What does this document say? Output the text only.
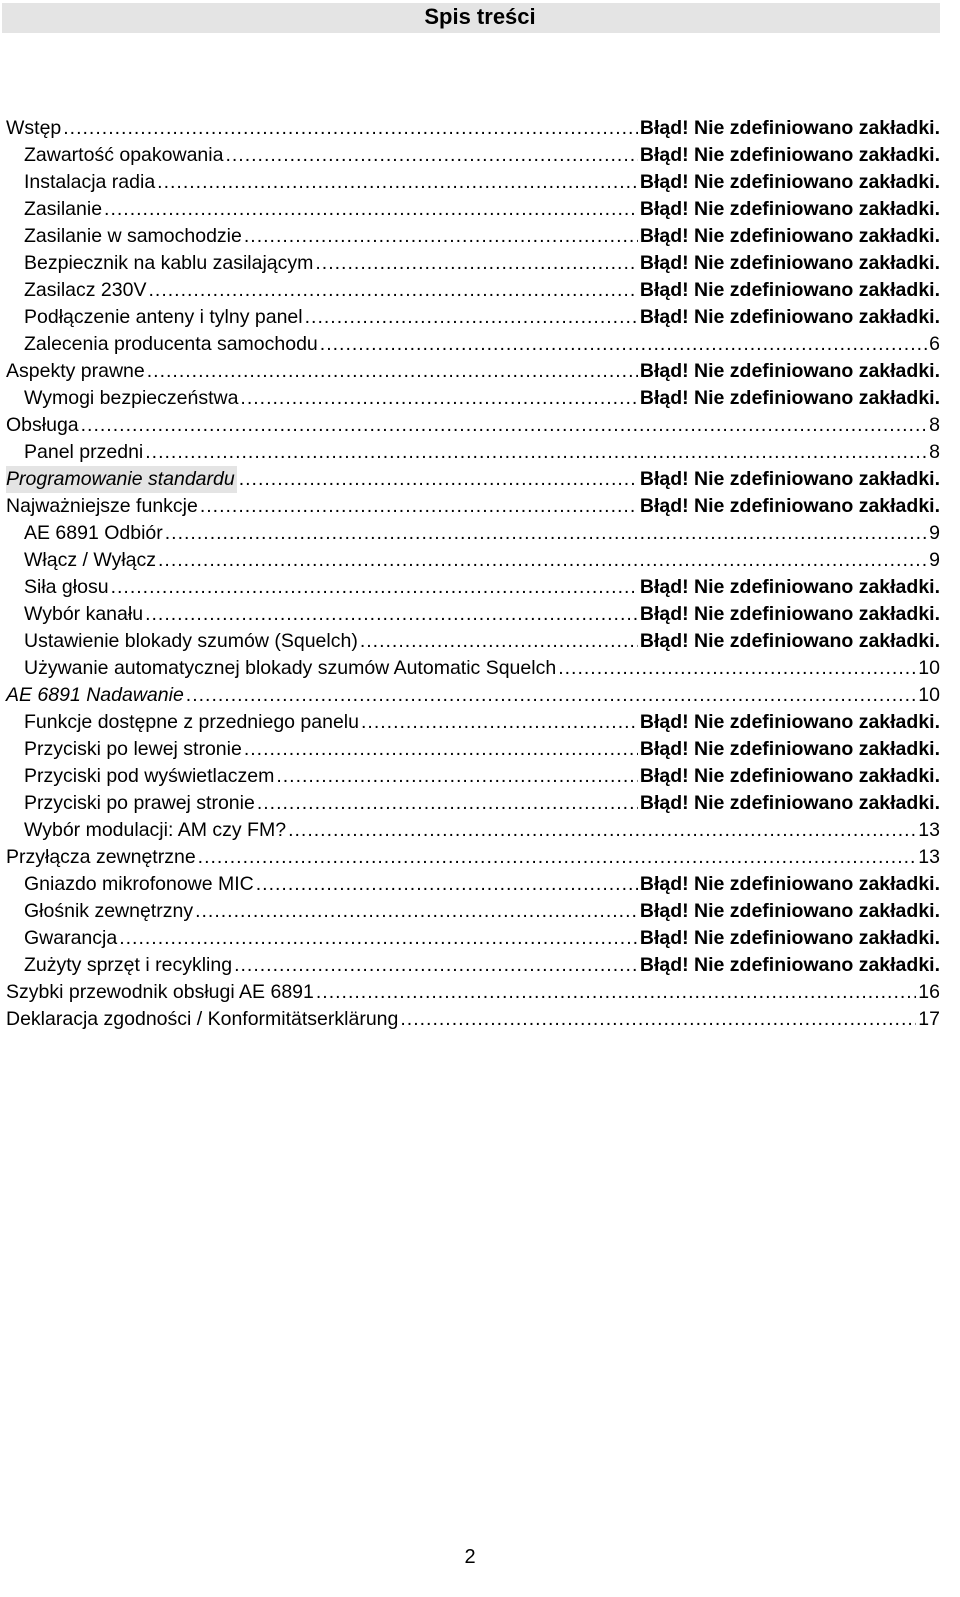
Spis treści
Wstęp .....	Błąd! Nie zdefiniowano zakładki.
Zawartość opakowania .....	Błąd! Nie zdefiniowano zakładki.
Instalacja radia .....	Błąd! Nie zdefiniowano zakładki.
Zasilanie .....	Błąd! Nie zdefiniowano zakładki.
Zasilanie w samochodzie .....	Błąd! Nie zdefiniowano zakładki.
Bezpiecznik na kablu zasilającym .....	Błąd! Nie zdefiniowano zakładki.
Zasilacz 230V .....	Błąd! Nie zdefiniowano zakładki.
Podłączenie anteny i tylny panel .....	Błąd! Nie zdefiniowano zakładki.
Zalecenia producenta samochodu .....	6
Aspekty prawne .....	Błąd! Nie zdefiniowano zakładki.
Wymogi bezpieczeństwa .....	Błąd! Nie zdefiniowano zakładki.
Obsługa .....	8
Panel przedni .....	8
Programowanie standardu .....	Błąd! Nie zdefiniowano zakładki.
Najważniejsze funkcje .....	Błąd! Nie zdefiniowano zakładki.
AE 6891 Odbiór .....	9
Włącz / Wyłącz .....	9
Siła głosu .....	Błąd! Nie zdefiniowano zakładki.
Wybór kanału .....	Błąd! Nie zdefiniowano zakładki.
Ustawienie blokady szumów (Squelch) .....	Błąd! Nie zdefiniowano zakładki.
Używanie automatycznej blokady szumów Automatic Squelch .....	10
AE 6891 Nadawanie .....	10
Funkcje dostępne z przedniego panelu .....	Błąd! Nie zdefiniowano zakładki.
Przyciski po lewej stronie .....	Błąd! Nie zdefiniowano zakładki.
Przyciski pod wyświetlaczem .....	Błąd! Nie zdefiniowano zakładki.
Przyciski po prawej stronie .....	Błąd! Nie zdefiniowano zakładki.
Wybór modulacji: AM czy FM? .....	13
Przyłącza zewnętrzne .....	13
Gniazdo mikrofonowe MIC .....	Błąd! Nie zdefiniowano zakładki.
Głośnik zewnętrzny .....	Błąd! Nie zdefiniowano zakładki.
Gwarancja .....	Błąd! Nie zdefiniowano zakładki.
Zużyty sprzęt i recykling .....	Błąd! Nie zdefiniowano zakładki.
Szybki przewodnik obsługi AE 6891 .....	16
Deklaracja zgodności / Konformitätserklärung .....	17
2
